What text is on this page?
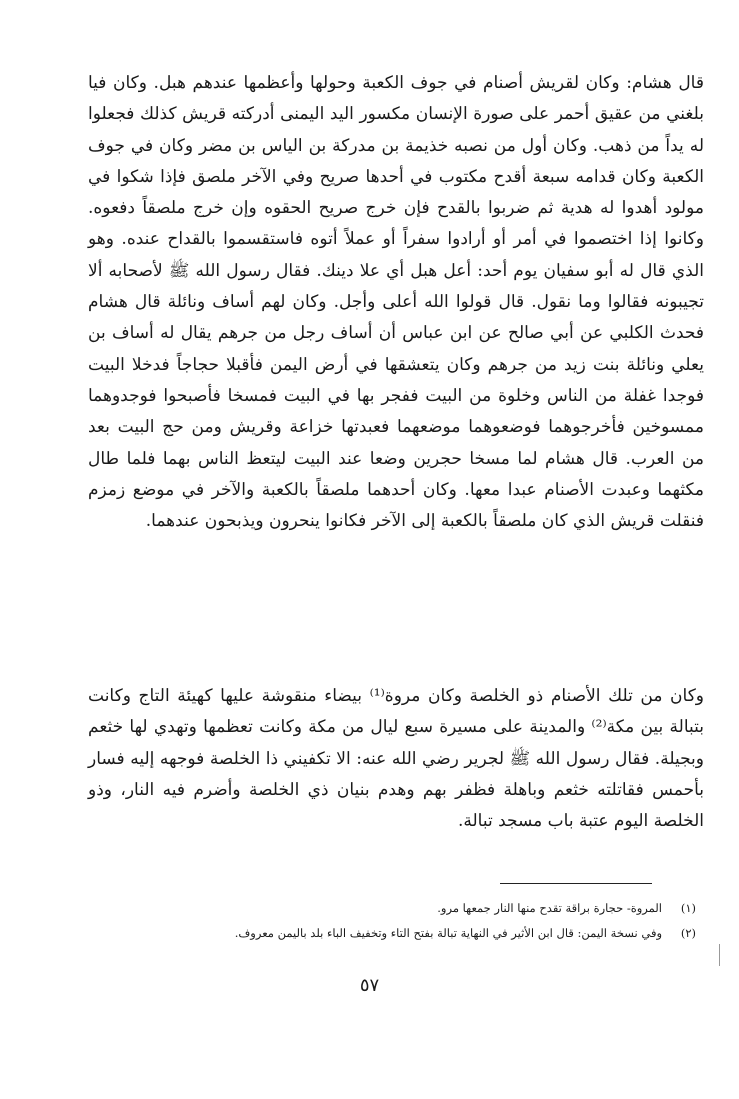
قال هشام: وكان لقريش أصنام في جوف الكعبة وحولها وأعظمها عندهم هبل. وكان فيا بلغني من عقيق أحمر على صورة الإنسان مكسور اليد اليمنى أدركته قريش كذلك فجعلوا له يداً من ذهب. وكان أول من نصبه خذيمة بن مدركة بن الياس بن مضر وكان في جوف الكعبة وكان قدامه سبعة أقدح مكتوب في أحدها صريح وفي الآخر ملصق فإذا شكوا في مولود أهدوا له هدية ثم ضربوا بالقدح فإن خرج صريح الحقوه وإن خرج ملصقاً دفعوه. وكانوا إذا اختصموا في أمر أو أرادوا سفراً أو عملاً أتوه فاستقسموا بالقداح عنده. وهو الذي قال له أبو سفيان يوم أحد: أعل هبل أي علا دينك. فقال رسول الله ﷺ لأصحابه ألا تجيبونه فقالوا وما نقول. قال قولوا الله أعلى وأجل. وكان لهم أساف ونائلة قال هشام فحدث الكلبي عن أبي صالح عن ابن عباس أن أساف رجل من جرهم يقال له أساف بن يعلي ونائلة بنت زيد من جرهم وكان يتعشقها في أرض اليمن فأقبلا حجاجاً فدخلا البيت فوجدا غفلة من الناس وخلوة من البيت ففجر بها في البيت فمسخا فأصبحوا فوجدوهما ممسوخين فأخرجوهما فوضعوهما موضعهما فعبدتها خزاعة وقريش ومن حج البيت بعد من العرب. قال هشام لما مسخا حجرين وضعا عند البيت ليتعظ الناس بهما فلما طال مكثهما وعبدت الأصنام عبدا معها. وكان أحدهما ملصقاً بالكعبة والآخر في موضع زمزم فنقلت قريش الذي كان ملصقاً بالكعبة إلى الآخر فكانوا ينحرون ويذبحون عندهما.

وكان من تلك الأصنام ذو الخلصة وكان مروة⁽¹⁾ بيضاء منقوشة عليها كهيئة التاج وكانت بتبالة بين مكة⁽²⁾ والمدينة على مسيرة سبع ليال من مكة وكانت تعظمها وتهدي لها خثعم وبجيلة. فقال رسول الله ﷺ لجرير رضي الله عنه: الا تكفيني ذا الخلصة فوجهه إليه فسار بأحمس فقاتلته خثعم وباهلة فظفر بهم وهدم بنيان ذي الخلصة وأضرم فيه النار، وذو الخلصة اليوم عتبة باب مسجد تبالة.

(١)
المروة- حجارة براقة تقدح منها النار جمعها مرو.
(٢)
وفي نسخة اليمن: قال ابن الأثير في النهاية تبالة بفتح التاء وتخفيف الباء بلد باليمن معروف.
٥٧
